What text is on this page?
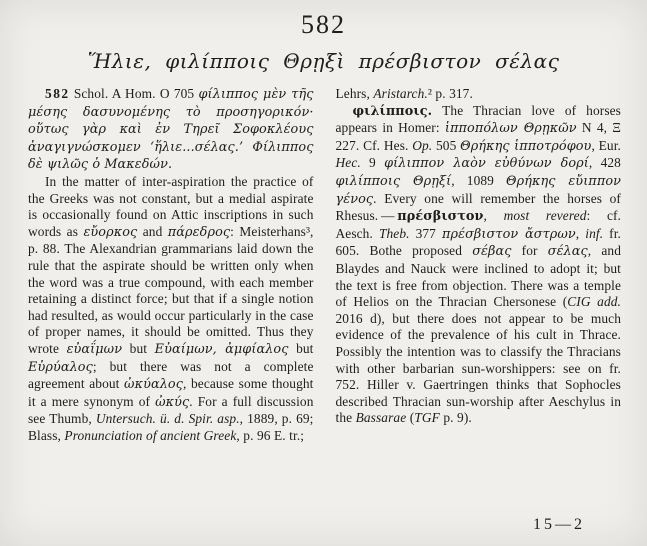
582
Ἥλιε, φιλίπποις Θρῃξὶ πρέσβιστον σέλας

582 Schol. A Hom. O 705 φίλιππος μὲν τῆς μέσης δασυνομένης τὸ προσηγορικόν· οὕτως γὰρ καὶ ἐν Τηρεῖ Σοφοκλέους ἀναγιγνώσκομεν ‘ἥλιε...σέλας.’ Φίλιππος δὲ ψιλῶς ὁ Μακεδών.

In the matter of inter-aspiration the practice of the Greeks was not constant, but a medial aspirate is occasionally found on Attic inscriptions in such words as εὔορκος and πάρεδρος: Meisterhans³, p. 88. The Alexandrian grammarians laid down the rule that the aspirate should be written only when the word was a true compound, with each member retaining a distinct force; but that if a single notion had resulted, as would occur particularly in the case of proper names, it should be omitted. Thus they wrote εὐαΐμων but Εὐαίμων, ἀμφίαλος but Εὐρύαλος; but there was not a complete agreement about ὠκύαλος, because some thought it a mere synonym of ὠκύς. For a full discussion see Thumb, Untersuch. ü. d. Spir. asp., 1889, p. 69; Blass, Pronunciation of ancient Greek, p. 96 E. tr.;

Lehrs, Aristarch.² p. 317.

φιλίπποις. The Thracian love of horses appears in Homer: ἱπποπόλων Θρῃκῶν Ν 4, Ξ 227. Cf. Hes. Op. 505 Θρήκης ἱπποτρόφου, Eur. Hec. 9 φίλιππον λαὸν εὐθύνων δορί, 428 φιλίπποις Θρῃξί, 1089 Θρήκης εὔιππον γένος. Every one will remember the horses of Rhesus. — πρέσβιστον, most revered: cf. Aesch. Theb. 377 πρέσβιστον ἄστρων, inf. fr. 605. Bothe proposed σέβας for σέλας, and Blaydes and Nauck were inclined to adopt it; but the text is free from objection. There was a temple of Helios on the Thracian Chersonese (CIG add. 2016 d), but there does not appear to be much evidence of the prevalence of his cult in Thrace. Possibly the intention was to classify the Thracians with other barbarian sun-worshippers: see on fr. 752. Hiller v. Gaertringen thinks that Sophocles described Thracian sun-worship after Aeschylus in the Bassarae (TGF p. 9).

15—2
